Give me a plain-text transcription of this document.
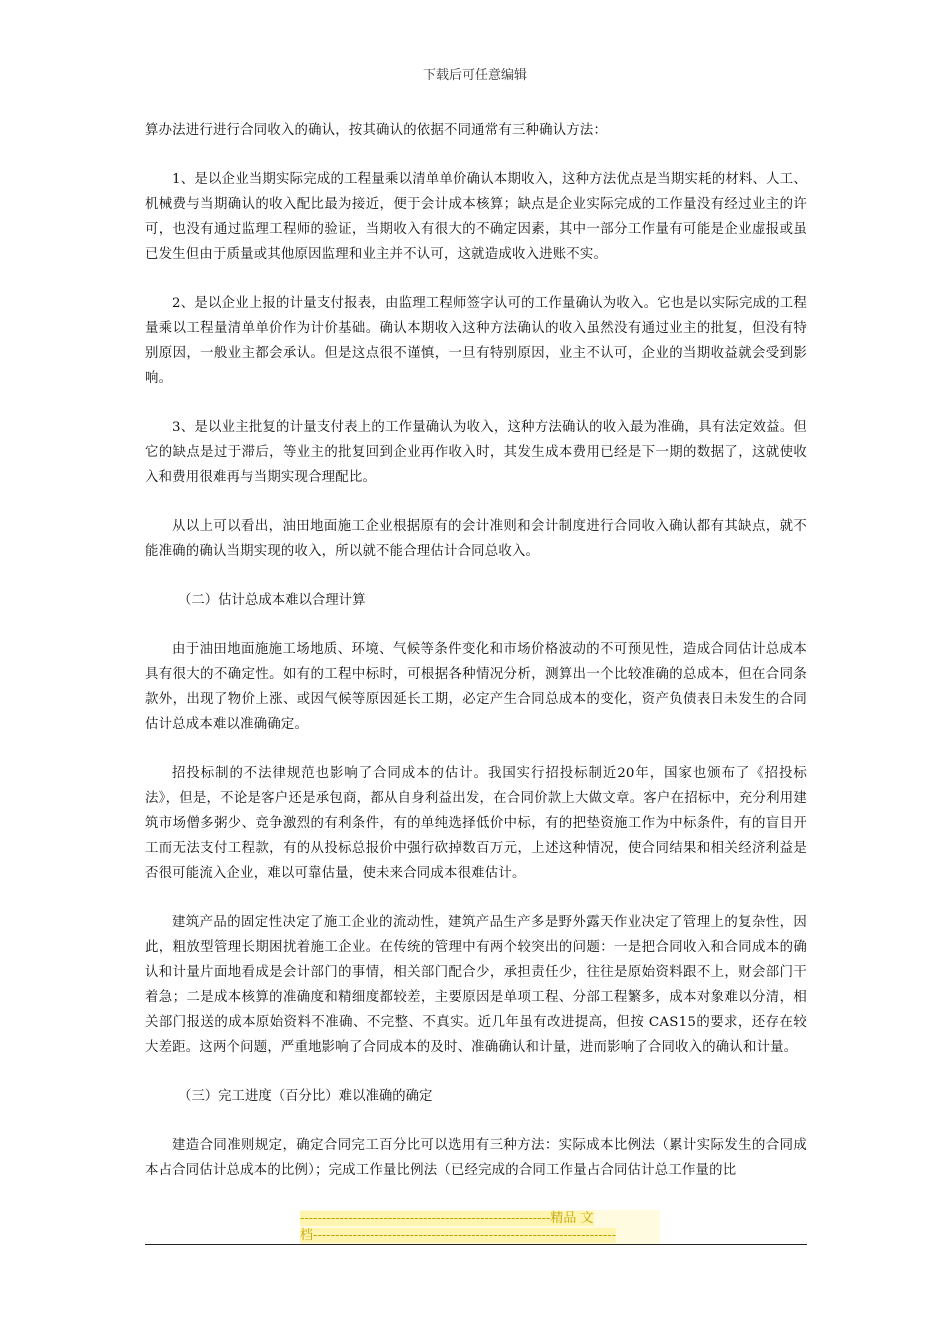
下载后可任意编辑

算办法进行进行合同收入的确认，按其确认的依据不同通常有三种确认方法：

1、是以企业当期实际完成的工程量乘以清单单价确认本期收入，这种方法优点是当期实耗的材料、人工、机械费与当期确认的收入配比最为接近，便于会计成本核算；缺点是企业实际完成的工作量没有经过业主的许可，也没有通过监理工程师的验证，当期收入有很大的不确定因素，其中一部分工作量有可能是企业虚报或虽已发生但由于质量或其他原因监理和业主并不认可，这就造成收入进账不实。

2、是以企业上报的计量支付报表，由监理工程师签字认可的工作量确认为收入。它也是以实际完成的工程量乘以工程量清单单价作为计价基础。确认本期收入这种方法确认的收入虽然没有通过业主的批复，但没有特别原因，一般业主都会承认。但是这点很不谨慎，一旦有特别原因，业主不认可，企业的当期收益就会受到影响。

3、是以业主批复的计量支付表上的工作量确认为收入，这种方法确认的收入最为准确，具有法定效益。但它的缺点是过于滞后，等业主的批复回到企业再作收入时，其发生成本费用已经是下一期的数据了，这就使收入和费用很难再与当期实现合理配比。

从以上可以看出，油田地面施工企业根据原有的会计准则和会计制度进行合同收入确认都有其缺点，就不能准确的确认当期实现的收入，所以就不能合理估计合同总收入。

（二）估计总成本难以合理计算

由于油田地面施施工场地质、环境、气候等条件变化和市场价格波动的不可预见性，造成合同估计总成本具有很大的不确定性。如有的工程中标时，可根据各种情况分析，测算出一个比较准确的总成本，但在合同条款外，出现了物价上涨、或因气候等原因延长工期，必定产生合同总成本的变化，资产负债表日未发生的合同估计总成本难以准确确定。

招投标制的不法律规范也影响了合同成本的估计。我国实行招投标制近20年，国家也颁布了《招投标法》，但是，不论是客户还是承包商，都从自身利益出发，在合同价款上大做文章。客户在招标中，充分利用建筑市场僧多粥少、竞争激烈的有利条件，有的单纯选择低价中标，有的把垫资施工作为中标条件，有的盲目开工而无法支付工程款，有的从投标总报价中强行砍掉数百万元，上述这种情况，使合同结果和相关经济利益是否很可能流入企业，难以可靠估量，使未来合同成本很难估计。

建筑产品的固定性决定了施工企业的流动性，建筑产品生产多是野外露天作业决定了管理上的复杂性，因此，粗放型管理长期困扰着施工企业。在传统的管理中有两个较突出的问题：一是把合同收入和合同成本的确认和计量片面地看成是会计部门的事情，相关部门配合少，承担责任少，往往是原始资料跟不上，财会部门干着急；二是成本核算的准确度和精细度都较差，主要原因是单项工程、分部工程繁多，成本对象难以分清，相关部门报送的成本原始资料不准确、不完整、不真实。近几年虽有改进提高，但按 CAS15的要求，还存在较大差距。这两个问题，严重地影响了合同成本的及时、准确确认和计量，进而影响了合同收入的确认和计量。

（三）完工进度（百分比）难以准确的确定

建造合同准则规定，确定合同完工百分比可以选用有三种方法：实际成本比例法（累计实际发生的合同成本占合同估计总成本的比例）；完成工作量比例法（已经完成的合同工作量占合同估计总工作量的比

---------------------------------------------------------精品 文
档---------------------------------------------------------------------
